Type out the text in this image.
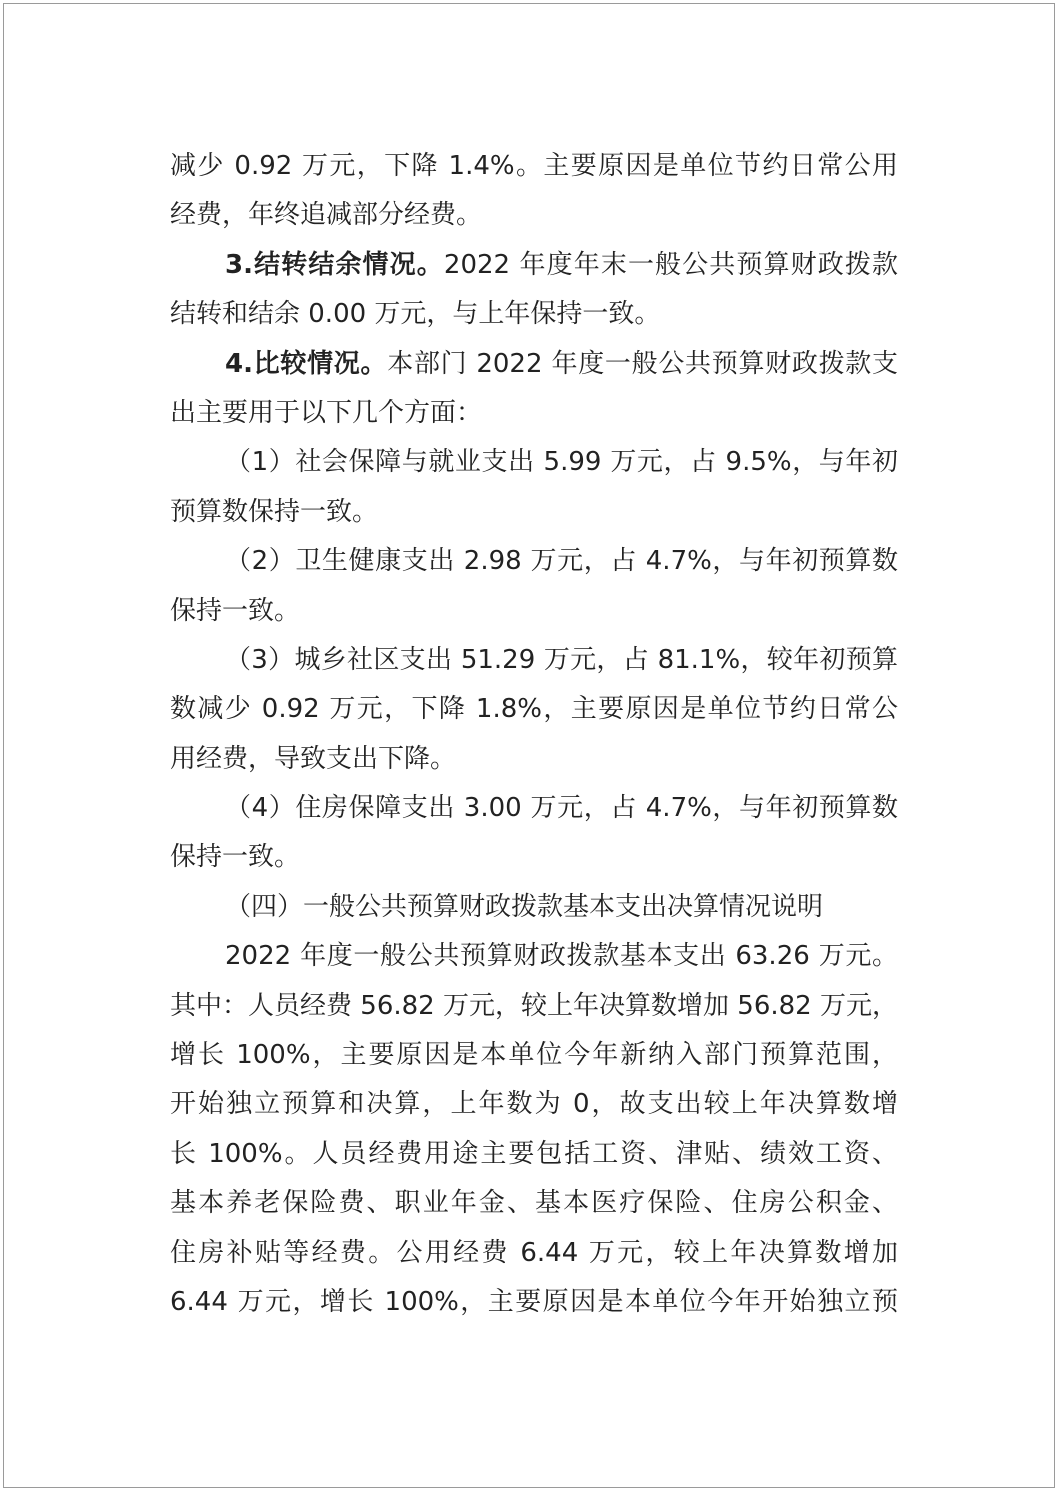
减少 0.92 万元，下降 1.4%。主要原因是单位节约日常公用
经费，年终追减部分经费。
3.结转结余情况。2022 年度年末一般公共预算财政拨款
结转和结余 0.00 万元，与上年保持一致。
4.比较情况。本部门 2022 年度一般公共预算财政拨款支
出主要用于以下几个方面：
（1）社会保障与就业支出 5.99 万元，占 9.5%，与年初
预算数保持一致。
（2）卫生健康支出 2.98 万元，占 4.7%，与年初预算数
保持一致。
（3）城乡社区支出 51.29 万元，占 81.1%，较年初预算
数减少 0.92 万元，下降 1.8%，主要原因是单位节约日常公
用经费，导致支出下降。
（4）住房保障支出 3.00 万元，占 4.7%，与年初预算数
保持一致。
（四）一般公共预算财政拨款基本支出决算情况说明
2022 年度一般公共预算财政拨款基本支出 63.26 万元。
其中：人员经费 56.82 万元，较上年决算数增加 56.82 万元，
增长 100%，主要原因是本单位今年新纳入部门预算范围，
开始独立预算和决算，上年数为 0，故支出较上年决算数增
长 100%。人员经费用途主要包括工资、津贴、绩效工资、
基本养老保险费、职业年金、基本医疗保险、住房公积金、
住房补贴等经费。公用经费 6.44 万元，较上年决算数增加
6.44 万元，增长 100%，主要原因是本单位今年开始独立预
